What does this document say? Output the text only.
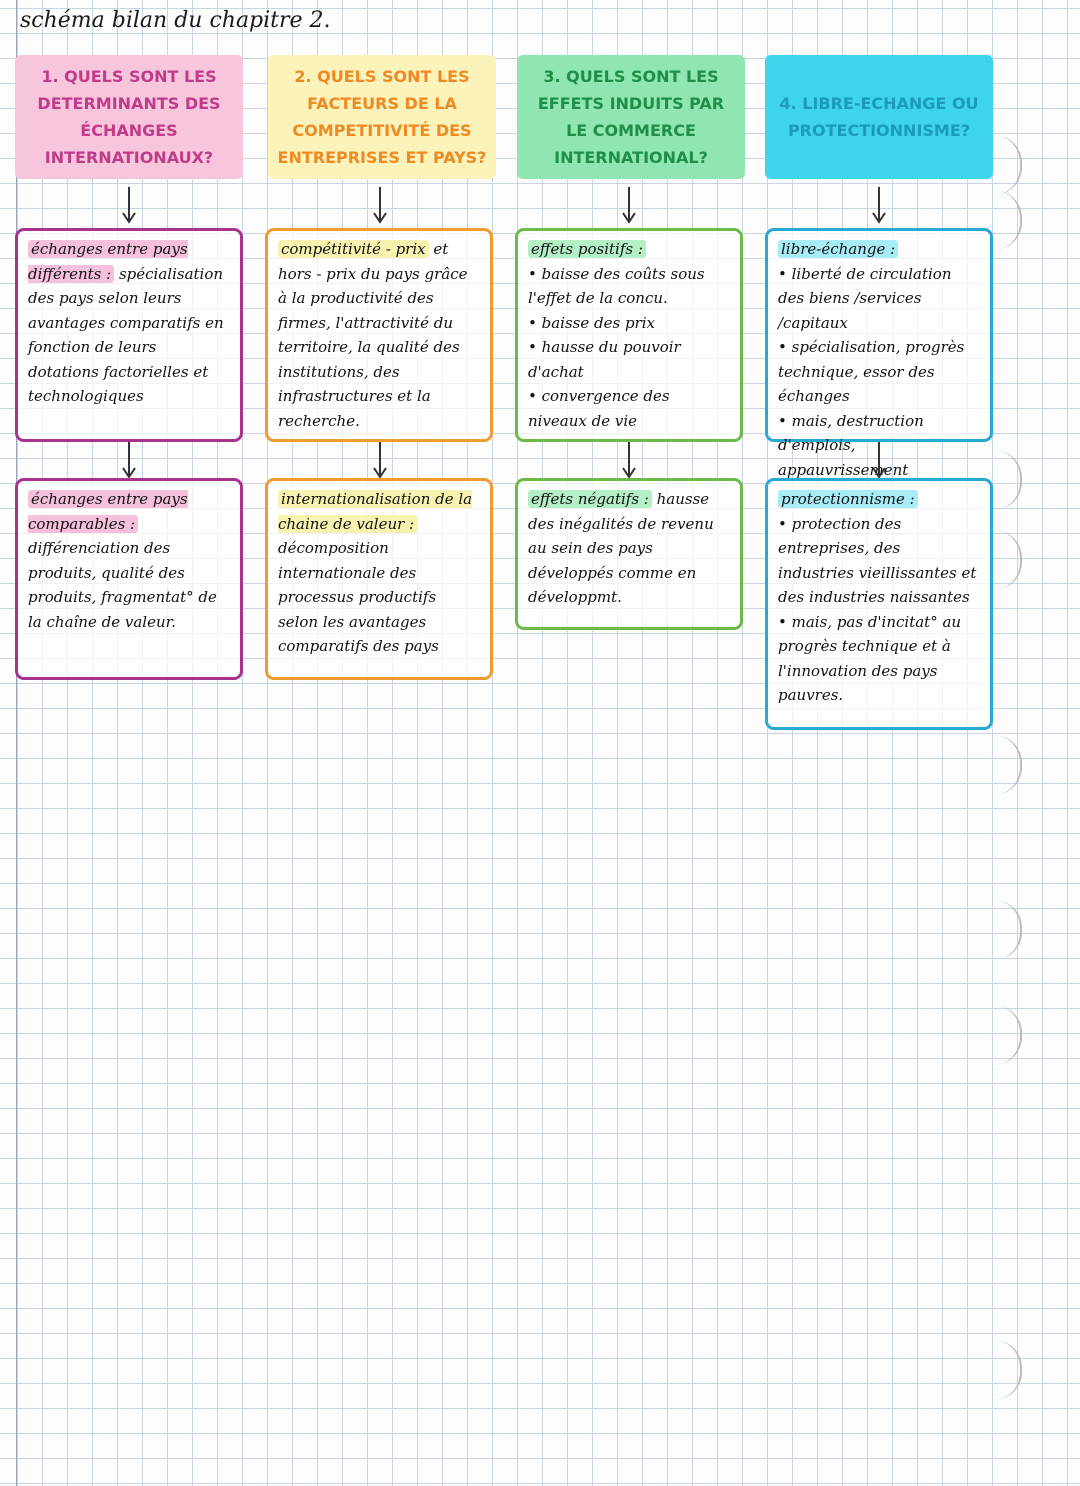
schéma bilan du chapitre 2.
1. QUELS SONT LES DETERMINANTS DES ÉCHANGES INTERNATIONAUX?
2. QUELS SONT LES FACTEURS DE LA COMPETITIVITÉ DES ENTREPRISES ET PAYS?
3. QUELS SONT LES EFFETS INDUITS PAR LE COMMERCE INTERNATIONAL?
4. LIBRE-ECHANGE OU PROTECTIONNISME?
échanges entre pays différents : spécialisation des pays selon leurs avantages comparatifs en fonction de leurs dotations factorielles et technologiques
compétitivité - prix et hors - prix du pays grâce à la productivité des firmes, l'attractivité du territoire, la qualité des institutions, des infrastructures et la recherche.
effets positifs :
• baisse des coûts sous l'effet de la concu.
• baisse des prix
• hausse du pouvoir d'achat
• convergence des niveaux de vie
libre-échange :
• liberté de circulation des biens /services /capitaux
• spécialisation, progrès technique, essor des échanges
• mais, destruction d'emplois, appauvrissement
échanges entre pays comparables : différenciation des produits, qualité des produits, fragmentat° de la chaîne de valeur.
internationalisation de la chaine de valeur : décomposition internationale des processus productifs selon les avantages comparatifs des pays
effets négatifs : hausse des inégalités de revenu au sein des pays développés comme en développmt.
protectionnisme :
• protection des entreprises, des industries vieillissantes et des industries naissantes
• mais, pas d'incitat° au progrès technique et à l'innovation des pays pauvres.
